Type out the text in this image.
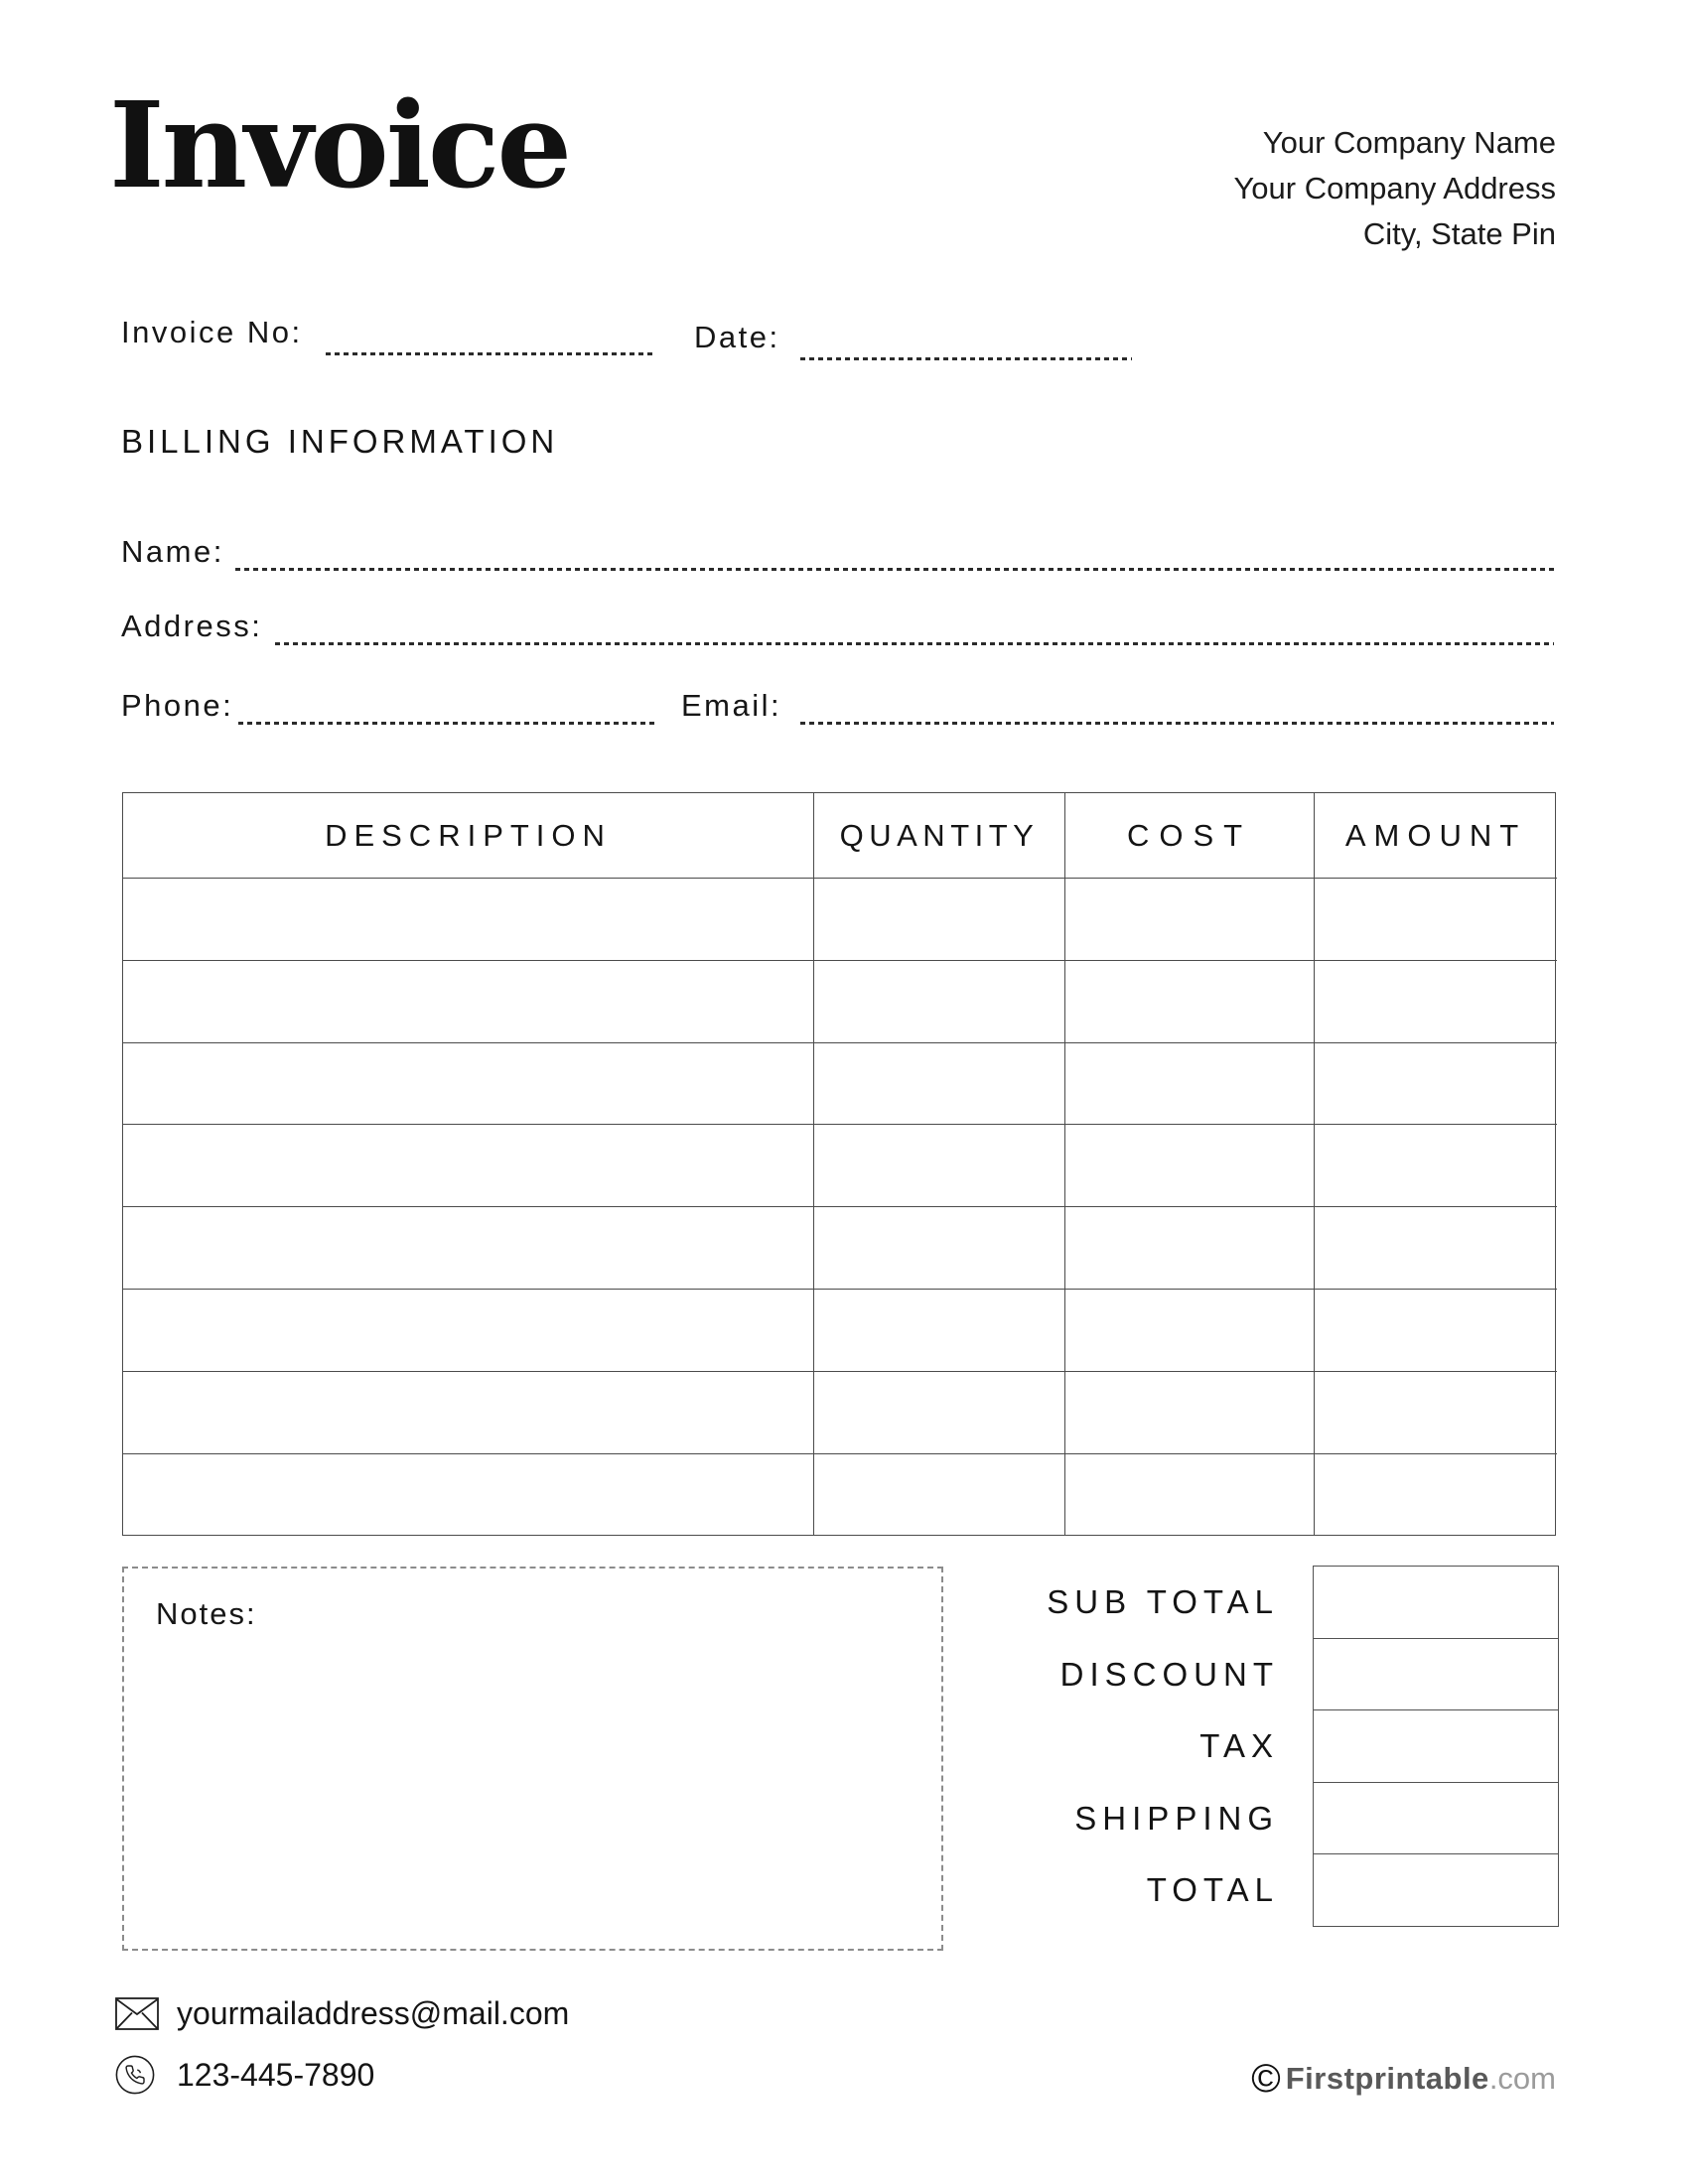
Invoice	Your Company Name
Your Company Address
City, State Pin
Invoice No:	Date:
BILLING INFORMATION
Name:
Address:
Phone:	Email:
DESCRIPTION	QUANTITY	COST	AMOUNT
Notes:	SUB TOTAL
DISCOUNT
TAX
SHIPPING
TOTAL
yourmailaddress@mail.com
123-445-7890	© Firstprintable .com
